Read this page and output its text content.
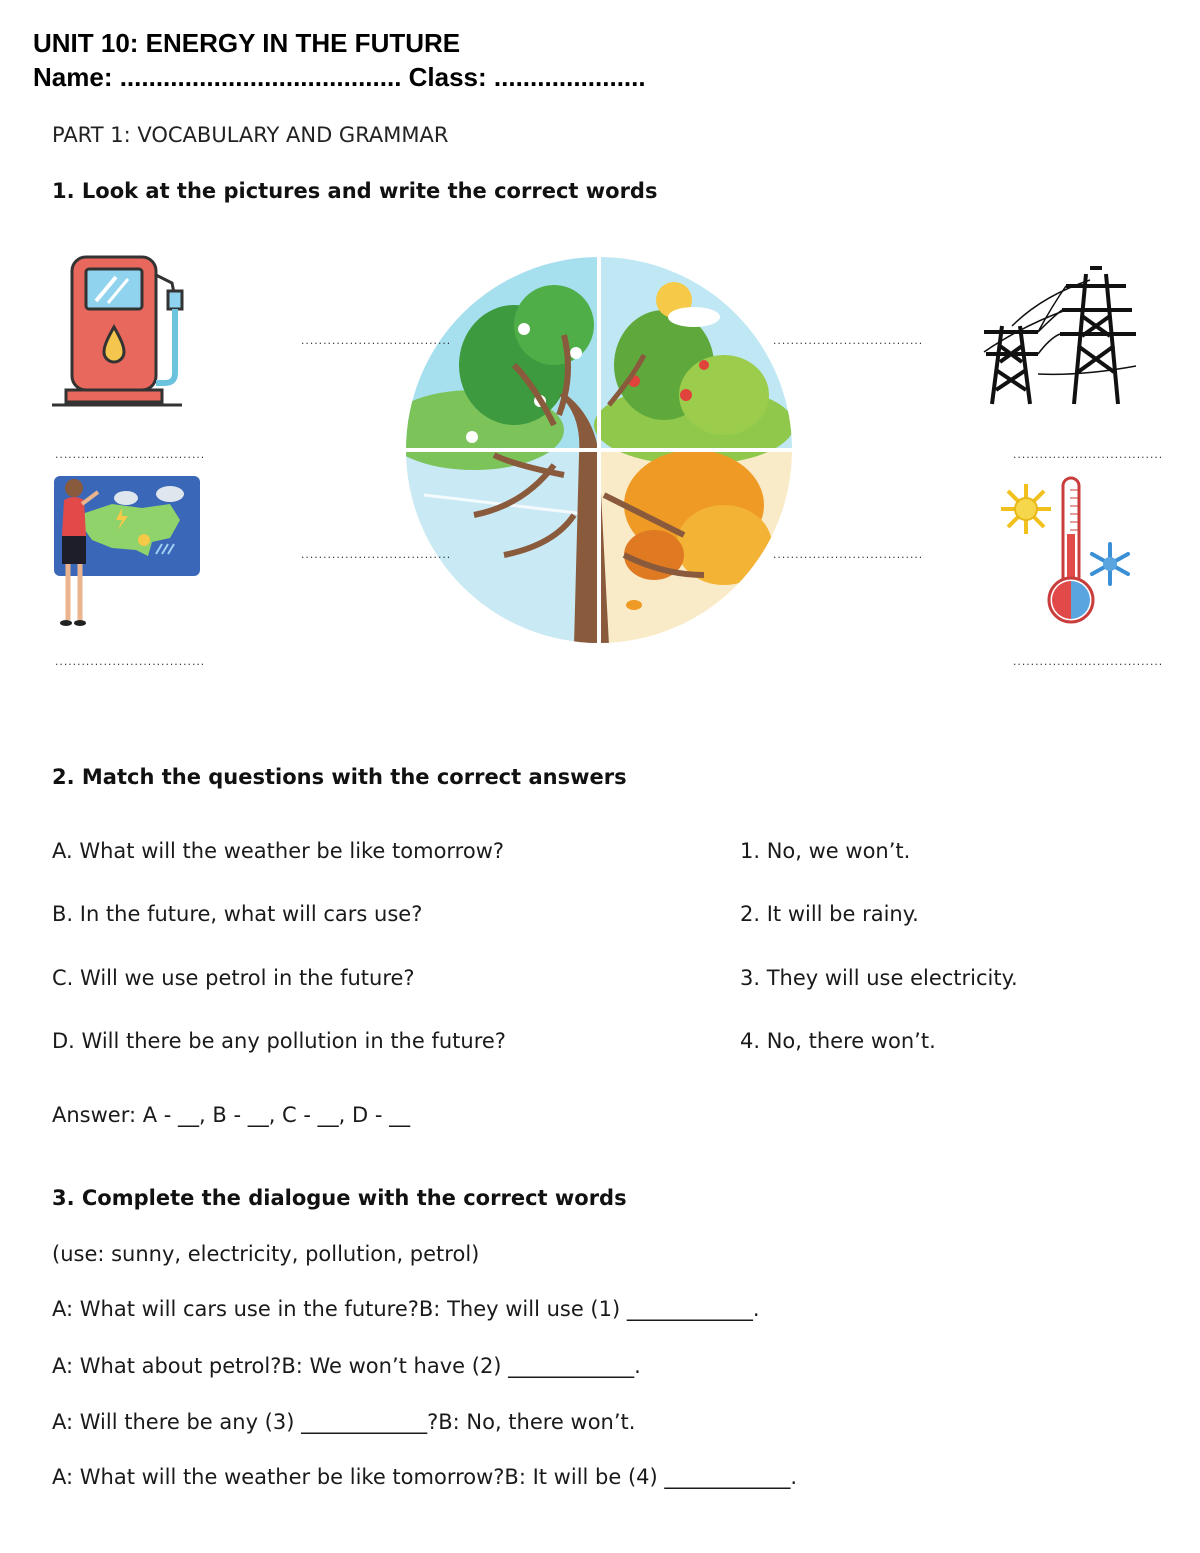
UNIT 10: ENERGY IN THE FUTURE
Name: ....................................... Class: .....................
PART 1: VOCABULARY AND GRAMMAR
1. Look at the pictures and write the correct words
..................................	..................................
..................................	..................................
..................................	..................................
..................................	..................................
2. Match the questions with the correct answers
A. What will the weather be like tomorrow?
B. In the future, what will cars use?
C. Will we use petrol in the future?
D. Will there be any pollution in the future?
1. No, we won’t.
2. It will be rainy.
3. They will use electricity.
4. No, there won’t.
Answer: A - __, B - __, C - __, D - __
3. Complete the dialogue with the correct words
(use: sunny, electricity, pollution, petrol)
A: What will cars use in the future?B: They will use (1) ____________.
A: What about petrol?B: We won’t have (2) ____________.
A: Will there be any (3) ____________?B: No, there won’t.
A: What will the weather be like tomorrow?B: It will be (4) ____________.
